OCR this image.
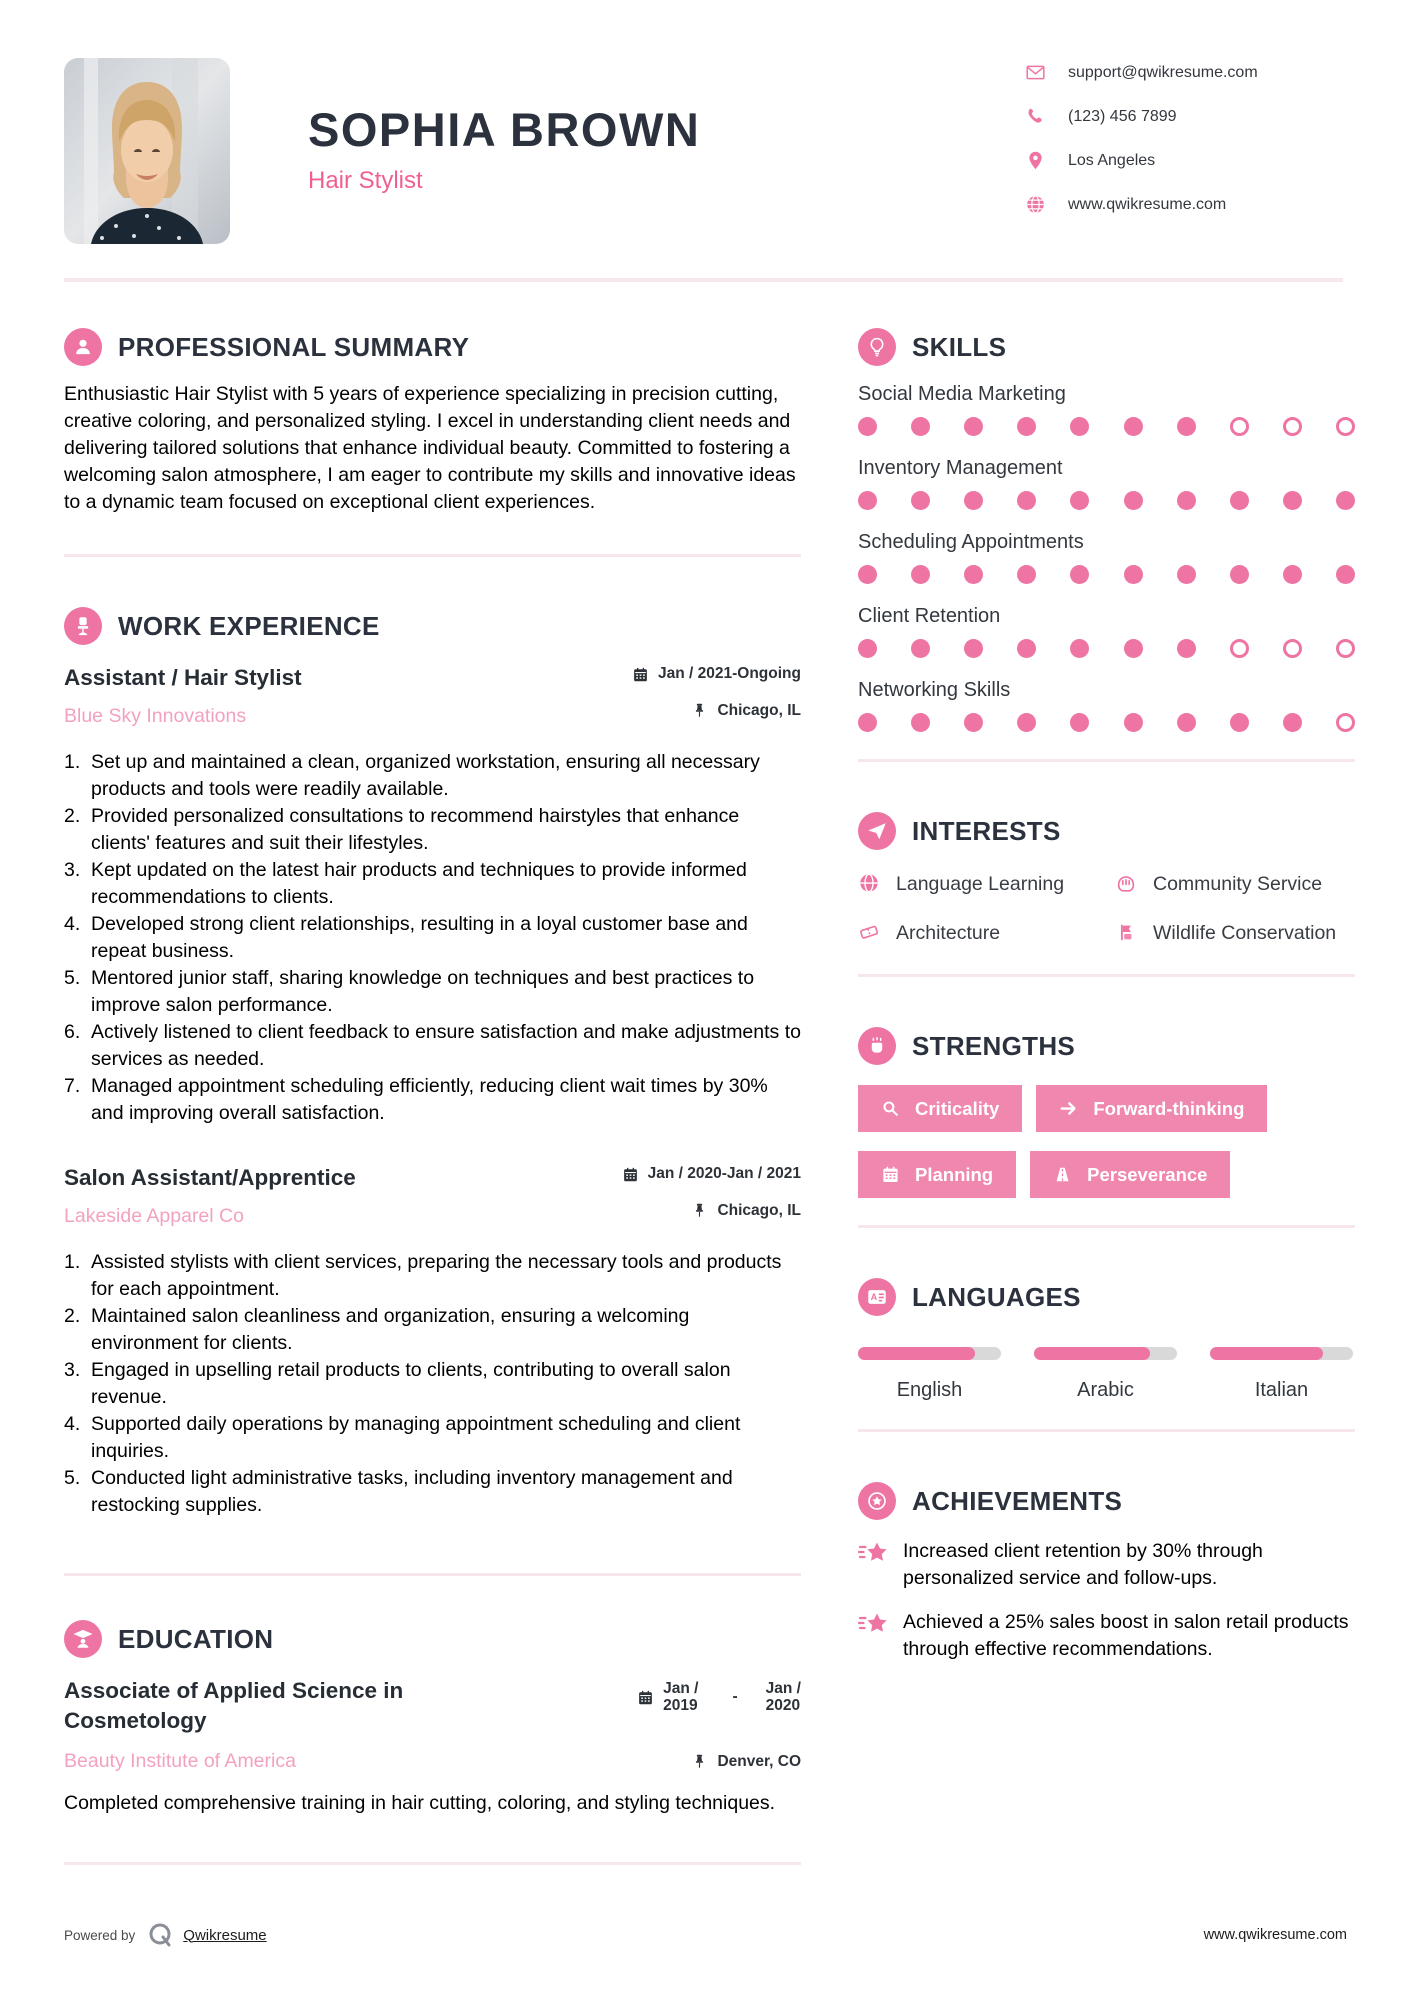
SOPHIA BROWN
Hair Stylist
support@qwikresume.com
(123) 456 7899
Los Angeles
www.qwikresume.com
PROFESSIONAL SUMMARY
Enthusiastic Hair Stylist with 5 years of experience specializing in precision cutting, creative coloring, and personalized styling. I excel in understanding client needs and delivering tailored solutions that enhance individual beauty. Committed to fostering a welcoming salon atmosphere, I am eager to contribute my skills and innovative ideas to a dynamic team focused on exceptional client experiences.
WORK EXPERIENCE
Assistant / Hair Stylist	Jan / 2021-Ongoing
Blue Sky Innovations	Chicago, IL
1. Set up and maintained a clean, organized workstation, ensuring all necessary products and tools were readily available.
2. Provided personalized consultations to recommend hairstyles that enhance clients' features and suit their lifestyles.
3. Kept updated on the latest hair products and techniques to provide informed recommendations to clients.
4. Developed strong client relationships, resulting in a loyal customer base and repeat business.
5. Mentored junior staff, sharing knowledge on techniques and best practices to improve salon performance.
6. Actively listened to client feedback to ensure satisfaction and make adjustments to services as needed.
7. Managed appointment scheduling efficiently, reducing client wait times by 30% and improving overall satisfaction.
Salon Assistant/Apprentice	Jan / 2020-Jan / 2021
Lakeside Apparel Co	Chicago, IL
1. Assisted stylists with client services, preparing the necessary tools and products for each appointment.
2. Maintained salon cleanliness and organization, ensuring a welcoming environment for clients.
3. Engaged in upselling retail products to clients, contributing to overall salon revenue.
4. Supported daily operations by managing appointment scheduling and client inquiries.
5. Conducted light administrative tasks, including inventory management and restocking supplies.
EDUCATION
Associate of Applied Science in Cosmetology
Jan /
2019
- Jan /
2020
Beauty Institute of America	Denver, CO
Completed comprehensive training in hair cutting, coloring, and styling techniques.
SKILLS
Social Media Marketing
Inventory Management
Scheduling Appointments
Client Retention
Networking Skills
INTERESTS
Language Learning	Community Service
Architecture	Wildlife Conservation
STRENGTHS
Criticality	Forward-thinking
Planning	Perseverance
A LANGUAGES
English	Arabic	Italian
ACHIEVEMENTS

Increased client retention by 30% through personalized service and follow-ups.

Achieved a 25% sales boost in salon retail products through effective recommendations.

Powered by	Qwikresume	www.qwikresume.com
